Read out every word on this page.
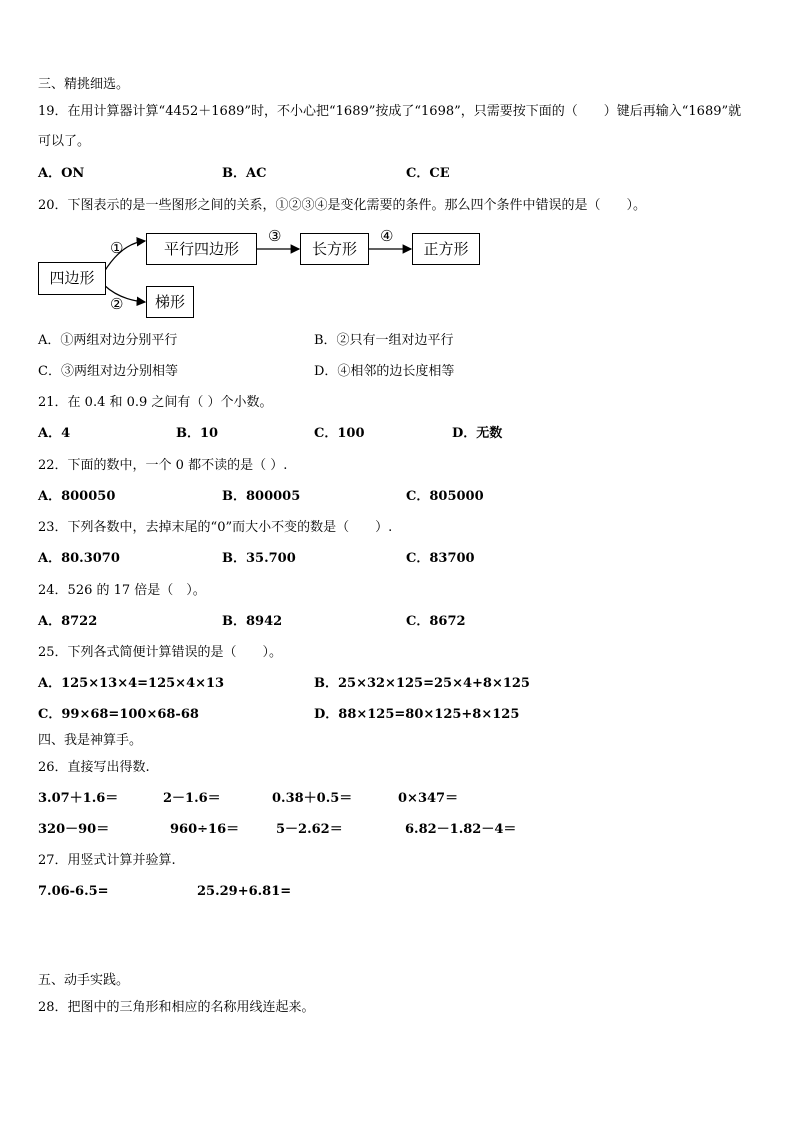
三、精挑细选。
19．在用计算器计算“4452＋1689”时，不小心把“1689”按成了“1698”，只需要按下面的（　　）键后再输入“1689”就
可以了。
A．ON	B．AC	C．CE
20．下图表示的是一些图形之间的关系，①②③④是变化需要的条件。那么四个条件中错误的是（　　）。
四边形
平行四边形	长方形	正方形
梯形
①
②
③	④
A．①两组对边分别平行	B．②只有一组对边平行
C．③两组对边分别相等	D．④相邻的边长度相等
21．在 0.4 和 0.9 之间有（ ）个小数。
A．4	B．10	C．100	D．无数
22．下面的数中，一个 0 都不读的是（ ）.
A．800050	B．800005	C．805000
23．下列各数中，去掉末尾的“0”而大小不变的数是（　　）.
A．80.3070	B．35.700	C．83700
24．526 的 17 倍是（　）。
A．8722	B．8942	C．8672
25．下列各式简便计算错误的是（　　）。
A．125×13×4=125×4×13	B．25×32×125=25×4+8×125
C．99×68=100×68-68	D．88×125=80×125+8×125
四、我是神算手。
26．直接写出得数.
3.07＋1.6＝	2－1.6＝	0.38＋0.5＝	0×347＝
320－90＝	960÷16＝	5－2.62＝	6.82－1.82－4＝
27．用竖式计算并验算.
7.06-6.5=	25.29+6.81=
五、动手实践。
28．把图中的三角形和相应的名称用线连起来。
